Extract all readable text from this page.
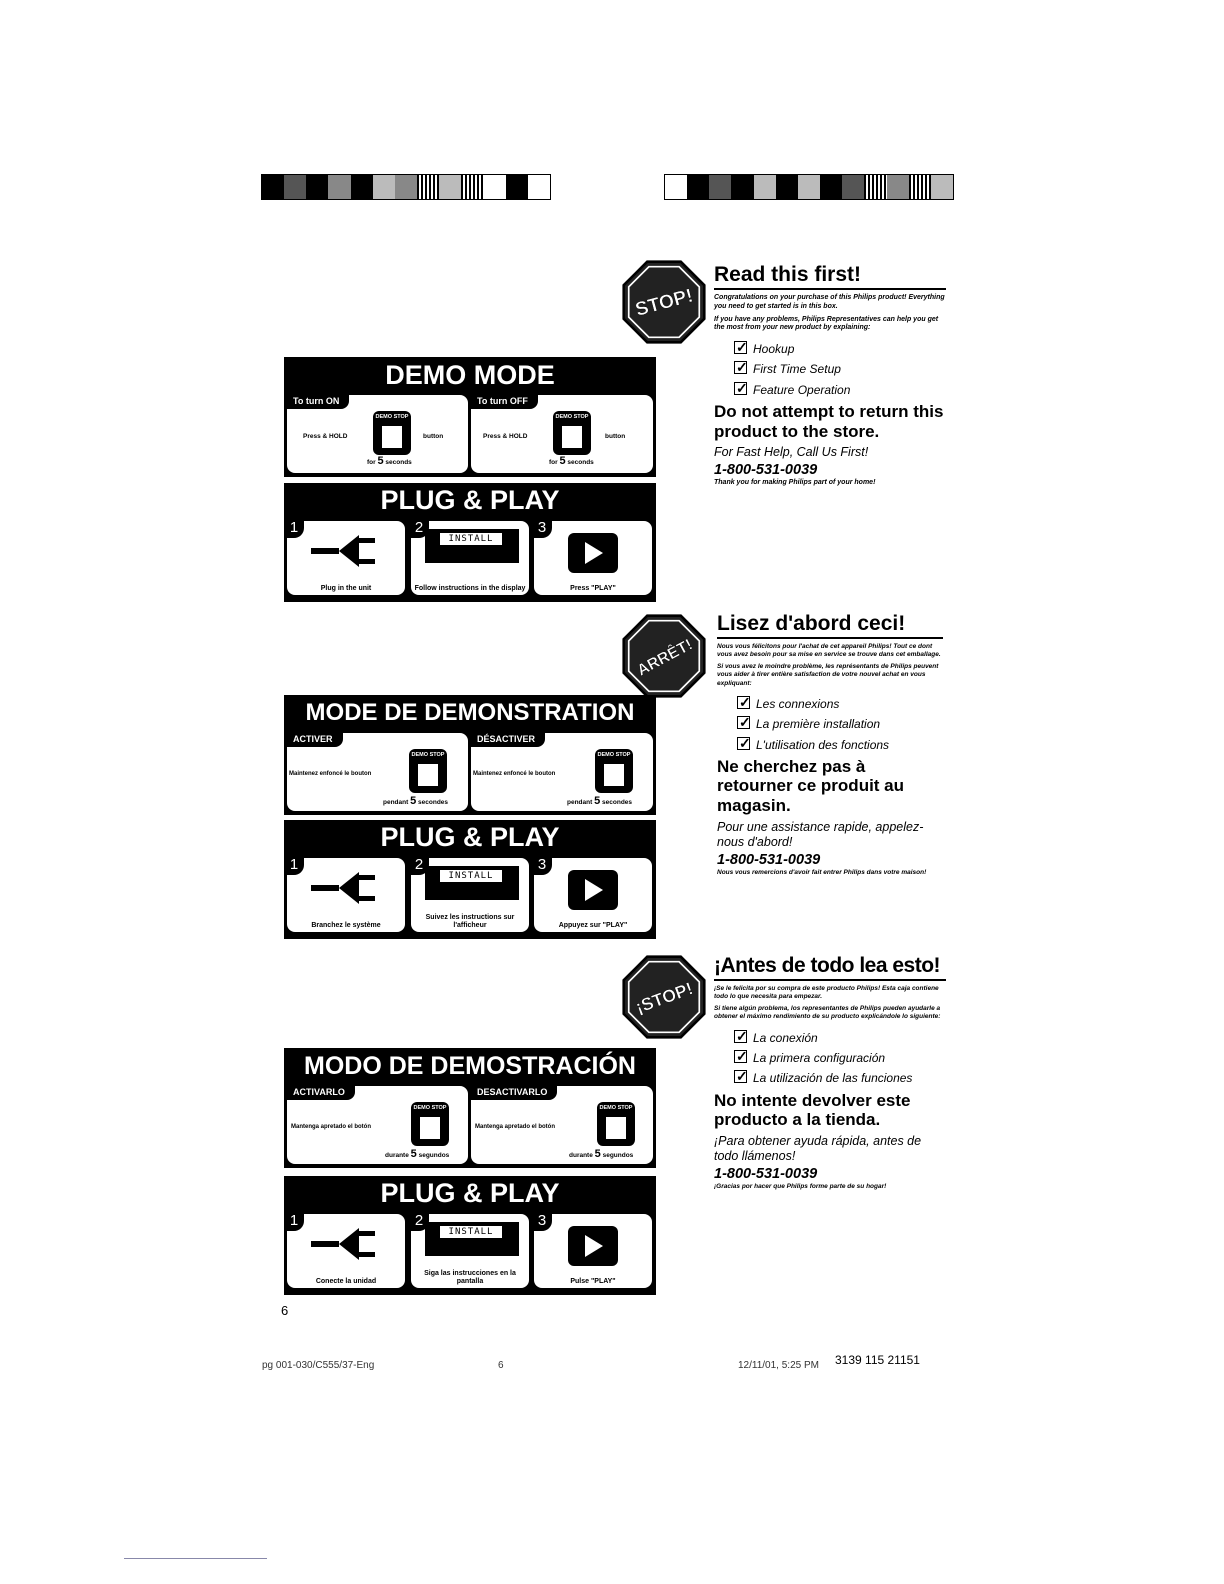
STOP!
DEMO MODE
To turn ON
Press & HOLD
DEMO STOP
button
for 5 seconds
To turn OFF
Press & HOLD
DEMO STOP
button
for 5 seconds
PLUG & PLAY
1
Plug in the unit
2
INSTALL
Follow instructions in the display
3
Press "PLAY"
Read this first!
Congratulations on your purchase of this Philips product! Everything you need to get started is in this box.
If you have any problems, Philips Representatives can help you get the most from your new product by explaining:
✓Hookup
✓First Time Setup
✓Feature Operation
Do not attempt to return this product to the store.
For Fast Help, Call Us First!
1-800-531-0039
Thank you for making Philips part of your home!
ARRÊT!
MODE DE DEMONSTRATION
ACTIVER
Maintenez enfoncé le bouton
DEMO STOP
pendant 5 secondes
DÉSACTIVER
Maintenez enfoncé le bouton
DEMO STOP
pendant 5 secondes
PLUG & PLAY
1
Branchez le système
2
INSTALL
Suivez les instructions sur l'afficheur
3
Appuyez sur "PLAY"
Lisez d'abord ceci!
Nous vous félicitons pour l'achat de cet appareil Philips! Tout ce dont vous avez besoin pour sa mise en service se trouve dans cet emballage.
Si vous avez le moindre problème, les représentants de Philips peuvent vous aider à tirer entière satisfaction de votre nouvel achat en vous expliquant:
✓Les connexions
✓La première installation
✓L'utilisation des fonctions
Ne cherchez pas à retourner ce produit au magasin.
Pour une assistance rapide, appelez-nous d'abord!
1-800-531-0039
Nous vous remercions d'avoir fait entrer Philips dans votre maison!
¡STOP!
MODO DE DEMOSTRACIÓN
ACTIVARLO
Mantenga apretado el botón
DEMO STOP
durante 5 segundos
DESACTIVARLO
Mantenga apretado el botón
DEMO STOP
durante 5 segundos
PLUG & PLAY
1
Conecte la unidad
2
INSTALL
Siga las instrucciones en la pantalla
3
Pulse "PLAY"
¡Antes de todo lea esto!
¡Se le felicita por su compra de este producto Philips! Esta caja contiene todo lo que necesita para empezar.
Si tiene algún problema, los representantes de Philips pueden ayudarle a obtener el máximo rendimiento de su producto explicándole lo siguiente:
✓La conexión
✓La primera configuración
✓La utilización de las funciones
No intente devolver este producto a la tienda.
¡Para obtener ayuda rápida, antes de todo llámenos!
1-800-531-0039
¡Gracias por hacer que Philips forme parte de su hogar!
6
pg 001-030/C555/37-Eng	6	12/11/01, 5:25 PM 3139 115 21151
